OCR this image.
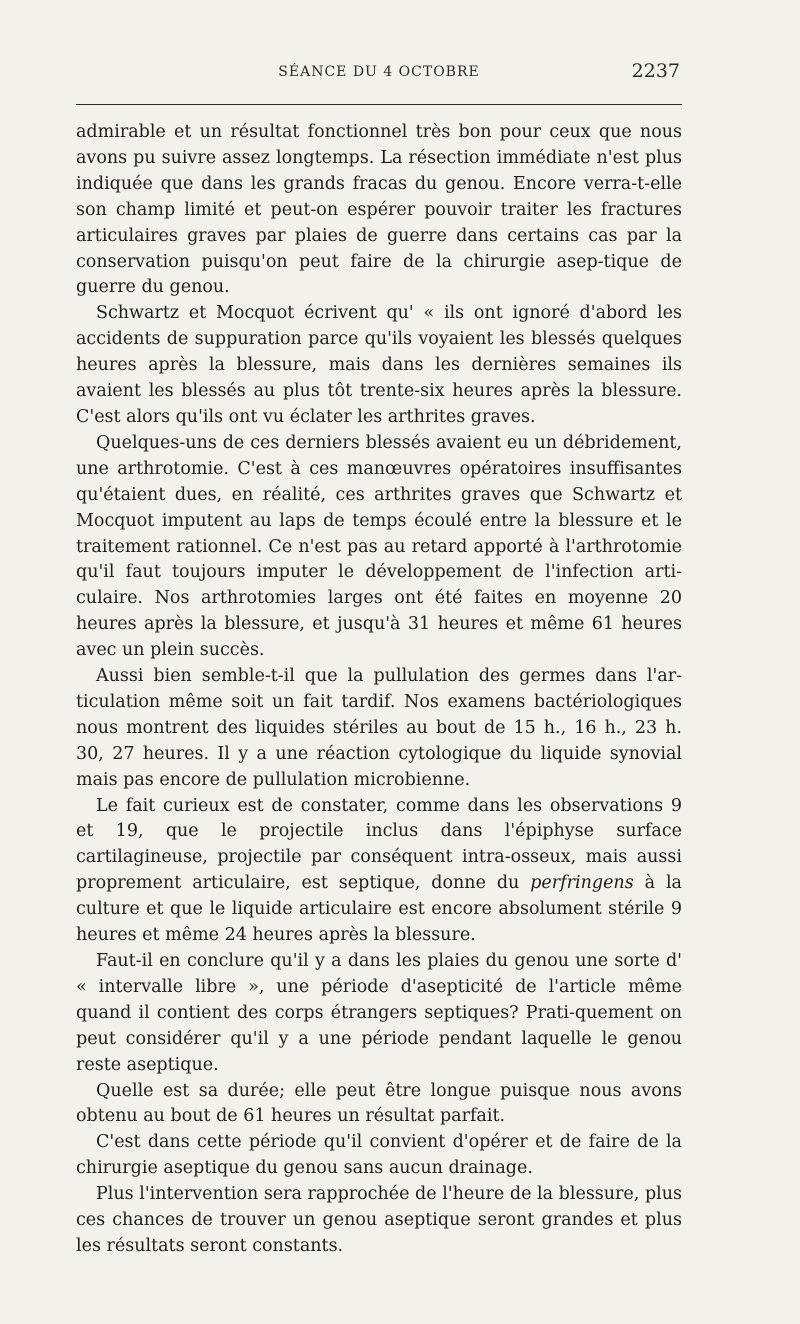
SÉANCE DU 4 OCTOBRE	2237

admirable et un résultat fonctionnel très bon pour ceux que nous avons pu suivre assez longtemps. La résection immédiate n'est plus indiquée que dans les grands fracas du genou. Encore verra-t-elle son champ limité et peut-on espérer pouvoir traiter les fractures articulaires graves par plaies de guerre dans certains cas par la conservation puisqu'on peut faire de la chirurgie asep-tique de guerre du genou.

Schwartz et Mocquot écrivent qu' « ils ont ignoré d'abord les accidents de suppuration parce qu'ils voyaient les blessés quelques heures après la blessure, mais dans les dernières semaines ils avaient les blessés au plus tôt trente-six heures après la blessure. C'est alors qu'ils ont vu éclater les arthrites graves.

Quelques-uns de ces derniers blessés avaient eu un débridement, une arthrotomie. C'est à ces manœuvres opératoires insuffisantes qu'étaient dues, en réalité, ces arthrites graves que Schwartz et Mocquot imputent au laps de temps écoulé entre la blessure et le traitement rationnel. Ce n'est pas au retard apporté à l'arthrotomie qu'il faut toujours imputer le développement de l'infection arti-culaire. Nos arthrotomies larges ont été faites en moyenne 20 heures après la blessure, et jusqu'à 31 heures et même 61 heures avec un plein succès.

Aussi bien semble-t-il que la pullulation des germes dans l'ar-ticulation même soit un fait tardif. Nos examens bactériologiques nous montrent des liquides stériles au bout de 15 h., 16 h., 23 h. 30, 27 heures. Il y a une réaction cytologique du liquide synovial mais pas encore de pullulation microbienne.

Le fait curieux est de constater, comme dans les observations 9 et 19, que le projectile inclus dans l'épiphyse surface cartilagineuse, projectile par conséquent intra-osseux, mais aussi proprement articulaire, est septique, donne du perfringens à la culture et que le liquide articulaire est encore absolument stérile 9 heures et même 24 heures après la blessure.

Faut-il en conclure qu'il y a dans les plaies du genou une sorte d' « intervalle libre », une période d'asepticité de l'article même quand il contient des corps étrangers septiques? Prati-quement on peut considérer qu'il y a une période pendant laquelle le genou reste aseptique.

Quelle est sa durée; elle peut être longue puisque nous avons obtenu au bout de 61 heures un résultat parfait.

C'est dans cette période qu'il convient d'opérer et de faire de la chirurgie aseptique du genou sans aucun drainage.

Plus l'intervention sera rapprochée de l'heure de la blessure, plus ces chances de trouver un genou aseptique seront grandes et plus les résultats seront constants.
